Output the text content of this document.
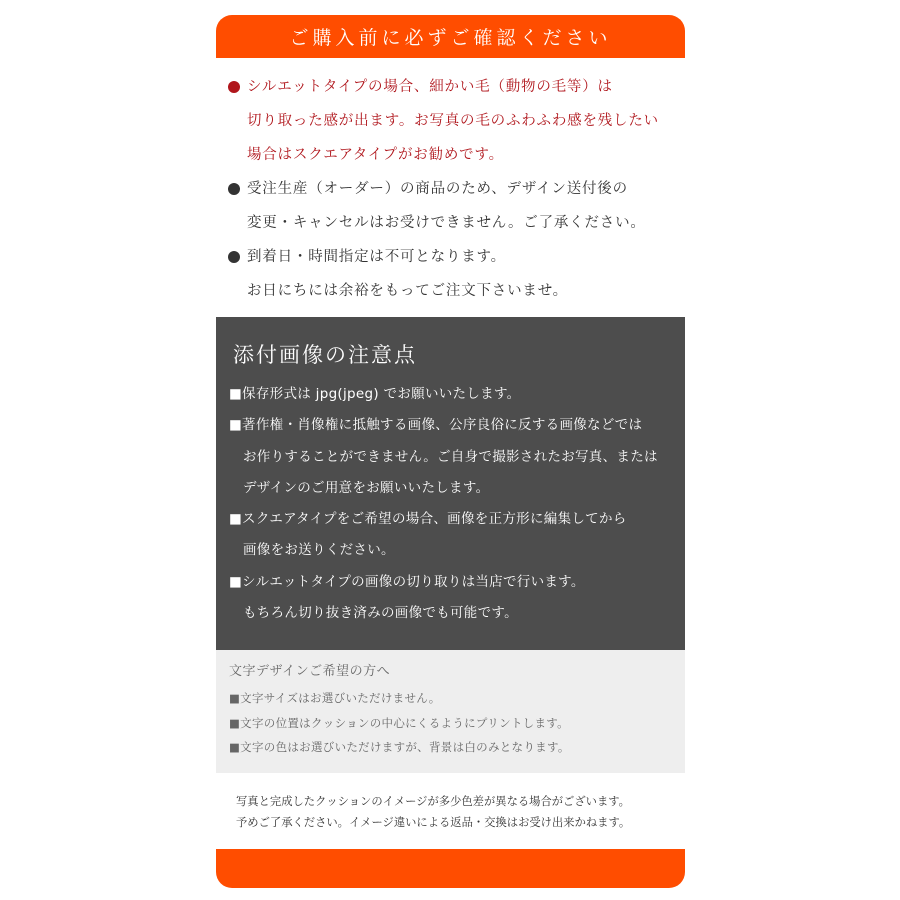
ご購入前に必ずご確認ください
シルエットタイプの場合、細かい毛（動物の毛等）は
切り取った感が出ます。お写真の毛のふわふわ感を残したい
場合はスクエアタイプがお勧めです。
受注生産（オーダー）の商品のため、デザイン送付後の
変更・キャンセルはお受けできません。ご了承ください。
到着日・時間指定は不可となります。
お日にちには余裕をもってご注文下さいませ。
添付画像の注意点
■保存形式は jpg(jpeg) でお願いいたします。
■著作権・肖像権に抵触する画像、公序良俗に反する画像などでは
お作りすることができません。ご自身で撮影されたお写真、または
デザインのご用意をお願いいたします。
■スクエアタイプをご希望の場合、画像を正方形に編集してから
画像をお送りください。
■シルエットタイプの画像の切り取りは当店で行います。
もちろん切り抜き済みの画像でも可能です。
文字デザインご希望の方へ
■文字サイズはお選びいただけません。
■文字の位置はクッションの中心にくるようにプリントします。
■文字の色はお選びいただけますが、背景は白のみとなります。
写真と完成したクッションのイメージが多少色差が異なる場合がございます。
予めご了承ください。イメージ違いによる返品・交換はお受け出来かねます。
